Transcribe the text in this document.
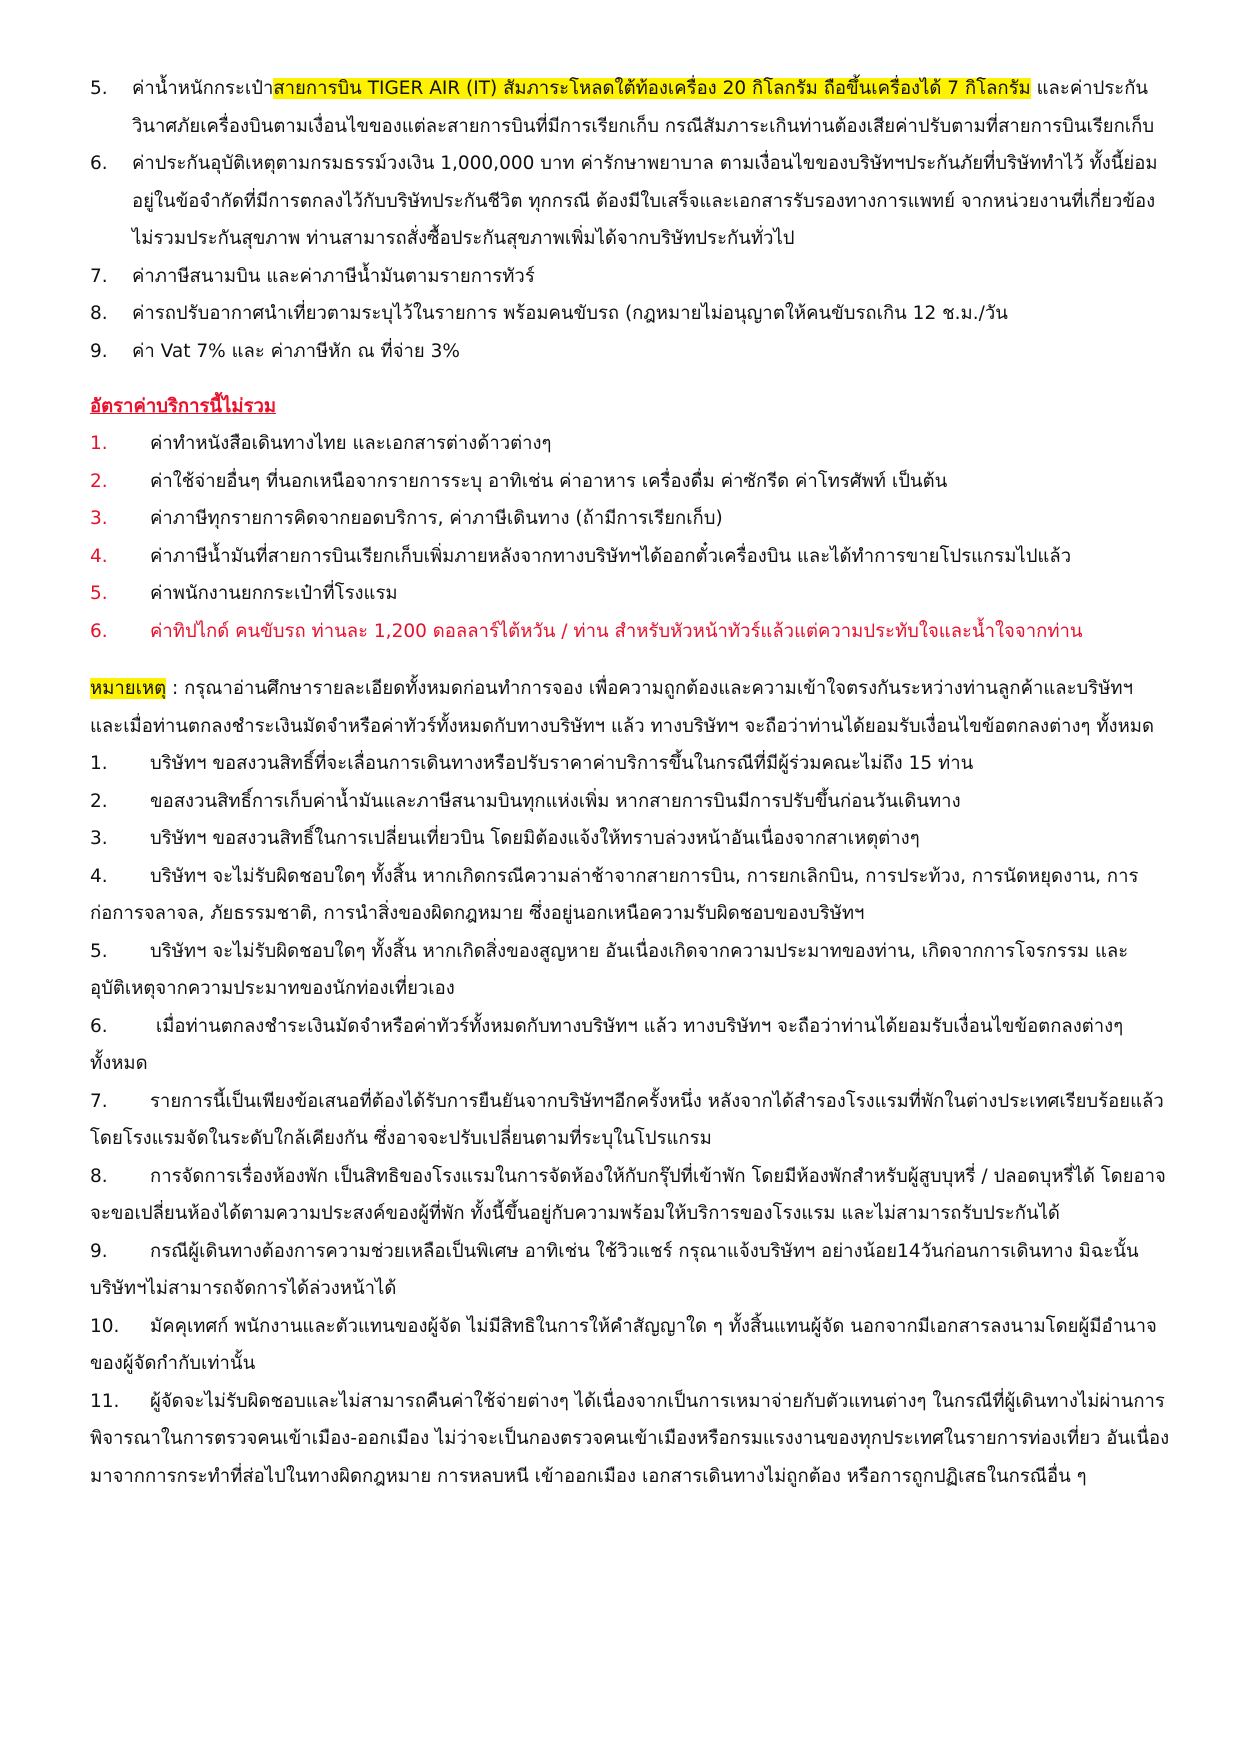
5.	ค่าน้ำหนักกระเป๋าสายการบิน TIGER AIR (IT) สัมภาระโหลดใต้ท้องเครื่อง 20 กิโลกรัม ถือขึ้นเครื่องได้ 7 กิโลกรัม และค่าประกันวินาศภัยเครื่องบินตามเงื่อนไขของแต่ละสายการบินที่มีการเรียกเก็บ กรณีสัมภาระเกินท่านต้องเสียค่าปรับตามที่สายการบินเรียกเก็บ
6.	ค่าประกันอุบัติเหตุตามกรมธรรม์วงเงิน 1,000,000 บาท ค่ารักษาพยาบาล ตามเงื่อนไขของบริษัทฯประกันภัยที่บริษัททำไว้ ทั้งนี้ย่อมอยู่ในข้อจำกัดที่มีการตกลงไว้กับบริษัทประกันชีวิต ทุกกรณี ต้องมีใบเสร็จและเอกสารรับรองทางการแพทย์ จากหน่วยงานที่เกี่ยวข้อง ไม่รวมประกันสุขภาพ ท่านสามารถสั่งซื้อประกันสุขภาพเพิ่มได้จากบริษัทประกันทั่วไป
7.	ค่าภาษีสนามบิน และค่าภาษีน้ำมันตามรายการทัวร์
8.	ค่ารถปรับอากาศนำเที่ยวตามระบุไว้ในรายการ พร้อมคนขับรถ (กฎหมายไม่อนุญาตให้คนขับรถเกิน 12 ช.ม./วัน
9.	ค่า Vat 7% และ ค่าภาษีหัก ณ ที่จ่าย 3%
อัตราค่าบริการนี้ไม่รวม
1.	ค่าทำหนังสือเดินทางไทย และเอกสารต่างด้าวต่างๆ
2.	ค่าใช้จ่ายอื่นๆ ที่นอกเหนือจากรายการระบุ อาทิเช่น ค่าอาหาร เครื่องดื่ม ค่าซักรีด ค่าโทรศัพท์ เป็นต้น
3.	ค่าภาษีทุกรายการคิดจากยอดบริการ, ค่าภาษีเดินทาง (ถ้ามีการเรียกเก็บ)
4.	ค่าภาษีน้ำมันที่สายการบินเรียกเก็บเพิ่มภายหลังจากทางบริษัทฯได้ออกตั๋วเครื่องบิน และได้ทำการขายโปรแกรมไปแล้ว
5.	ค่าพนักงานยกกระเป๋าที่โรงแรม
6.	ค่าทิปไกด์ คนขับรถ ท่านละ 1,200 ดอลลาร์ไต้หวัน / ท่าน สำหรับหัวหน้าทัวร์แล้วแต่ความประทับใจและน้ำใจจากท่าน
หมายเหตุ : กรุณาอ่านศึกษารายละเอียดทั้งหมดก่อนทำการจอง เพื่อความถูกต้องและความเข้าใจตรงกันระหว่างท่านลูกค้าและบริษัทฯ และเมื่อท่านตกลงชำระเงินมัดจำหรือค่าทัวร์ทั้งหมดกับทางบริษัทฯ แล้ว ทางบริษัทฯ จะถือว่าท่านได้ยอมรับเงื่อนไขข้อตกลงต่างๆ ทั้งหมด
1. บริษัทฯ ขอสงวนสิทธิ์ที่จะเลื่อนการเดินทางหรือปรับราคาค่าบริการขึ้นในกรณีที่มีผู้ร่วมคณะไม่ถึง 15 ท่าน
2. ขอสงวนสิทธิ์การเก็บค่าน้ำมันและภาษีสนามบินทุกแห่งเพิ่ม หากสายการบินมีการปรับขึ้นก่อนวันเดินทาง
3. บริษัทฯ ขอสงวนสิทธิ์ในการเปลี่ยนเที่ยวบิน โดยมิต้องแจ้งให้ทราบล่วงหน้าอันเนื่องจากสาเหตุต่างๆ
4. บริษัทฯ จะไม่รับผิดชอบใดๆ ทั้งสิ้น หากเกิดกรณีความล่าช้าจากสายการบิน, การยกเลิกบิน, การประท้วง, การนัดหยุดงาน, การก่อการจลาจล, ภัยธรรมชาติ, การนำสิ่งของผิดกฎหมาย ซึ่งอยู่นอกเหนือความรับผิดชอบของบริษัทฯ
5. บริษัทฯ จะไม่รับผิดชอบใดๆ ทั้งสิ้น หากเกิดสิ่งของสูญหาย อันเนื่องเกิดจากความประมาทของท่าน, เกิดจากการโจรกรรม และ อุบัติเหตุจากความประมาทของนักท่องเที่ยวเอง
6. เมื่อท่านตกลงชำระเงินมัดจำหรือค่าทัวร์ทั้งหมดกับทางบริษัทฯ แล้ว ทางบริษัทฯ จะถือว่าท่านได้ยอมรับเงื่อนไขข้อตกลงต่างๆ ทั้งหมด
7. รายการนี้เป็นเพียงข้อเสนอที่ต้องได้รับการยืนยันจากบริษัทฯอีกครั้งหนึ่ง หลังจากได้สำรองโรงแรมที่พักในต่างประเทศเรียบร้อยแล้ว โดยโรงแรมจัดในระดับใกล้เคียงกัน ซึ่งอาจจะปรับเปลี่ยนตามที่ระบุในโปรแกรม
8. การจัดการเรื่องห้องพัก เป็นสิทธิของโรงแรมในการจัดห้องให้กับกรุ๊ปที่เข้าพัก โดยมีห้องพักสำหรับผู้สูบบุหรี่ / ปลอดบุหรี่ได้ โดยอาจจะขอเปลี่ยนห้องได้ตามความประสงค์ของผู้ที่พัก ทั้งนี้ขึ้นอยู่กับความพร้อมให้บริการของโรงแรม และไม่สามารถรับประกันได้
9. กรณีผู้เดินทางต้องการความช่วยเหลือเป็นพิเศษ อาทิเช่น ใช้วิวแชร์ กรุณาแจ้งบริษัทฯ อย่างน้อย14วันก่อนการเดินทาง มิฉะนั้น บริษัทฯไม่สามารถจัดการได้ล่วงหน้าได้
10. มัคคุเทศก์ พนักงานและตัวแทนของผู้จัด ไม่มีสิทธิในการให้คำสัญญาใด ๆ ทั้งสิ้นแทนผู้จัด นอกจากมีเอกสารลงนามโดยผู้มีอำนาจของผู้จัดกำกับเท่านั้น
11. ผู้จัดจะไม่รับผิดชอบและไม่สามารถคืนค่าใช้จ่ายต่างๆ ได้เนื่องจากเป็นการเหมาจ่ายกับตัวแทนต่างๆ ในกรณีที่ผู้เดินทางไม่ผ่านการพิจารณาในการตรวจคนเข้าเมือง-ออกเมือง ไม่ว่าจะเป็นกองตรวจคนเข้าเมืองหรือกรมแรงงานของทุกประเทศในรายการท่องเที่ยว อันเนื่องมาจากการกระทำที่ส่อไปในทางผิดกฎหมาย การหลบหนี เข้าออกเมือง เอกสารเดินทางไม่ถูกต้อง หรือการถูกปฏิเสธในกรณีอื่น ๆ
